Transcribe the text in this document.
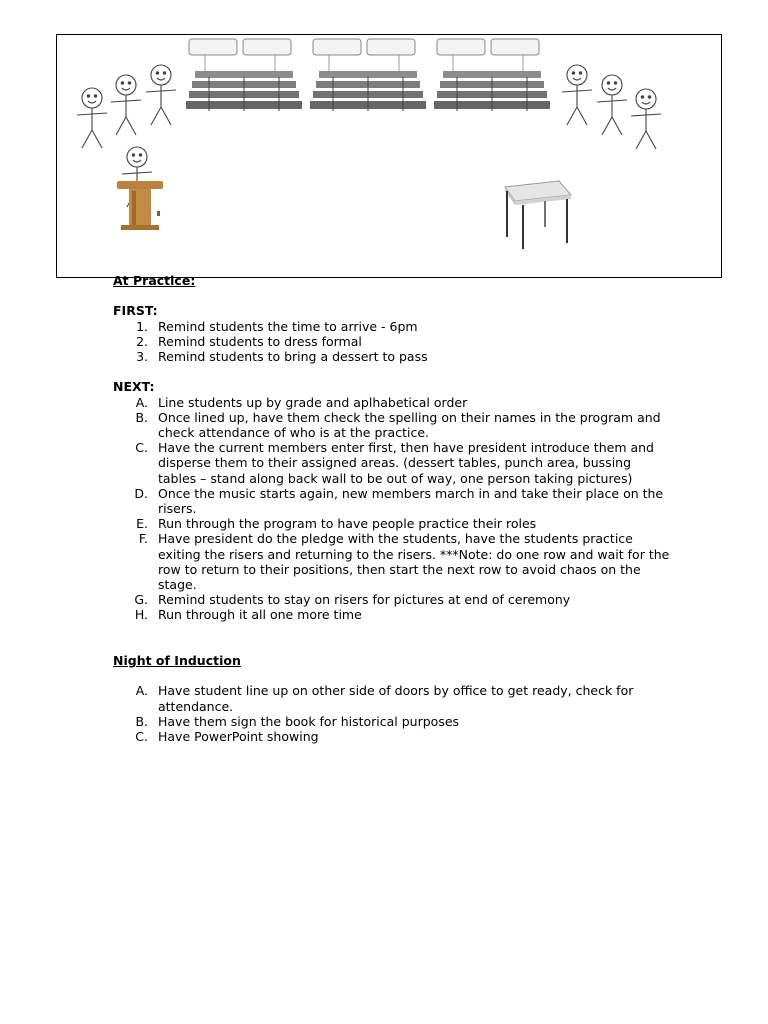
At Practice:
FIRST:
1. Remind students the time to arrive - 6pm
2. Remind students to dress formal
3. Remind students to bring a dessert to pass
NEXT:
A. Line students up by grade and aplhabetical order
B. Once lined up, have them check the spelling on their names in the program and check attendance of who is at the practice.
C. Have the current members enter first, then have president introduce them and disperse them to their assigned areas. (dessert tables, punch area, bussing tables – stand along back wall to be out of way, one person taking pictures)
D. Once the music starts again, new members march in and take their place on the risers.
E. Run through the program to have people practice their roles
F. Have president do the pledge with the students, have the students practice exiting the risers and returning to the risers. ***Note: do one row and wait for the row to return to their positions, then start the next row to avoid chaos on the stage.
G. Remind students to stay on risers for pictures at end of ceremony
H. Run through it all one more time
Night of Induction
A. Have student line up on other side of doors by office to get ready, check for attendance.
B. Have them sign the book for historical purposes
C. Have PowerPoint showing
